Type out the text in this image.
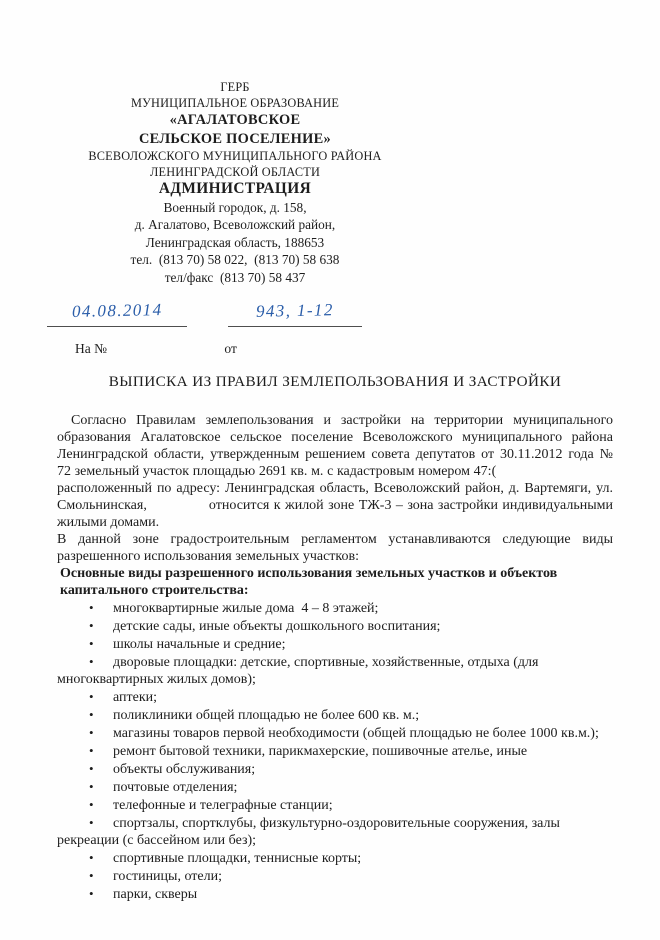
ГЕРБ
МУНИЦИПАЛЬНОЕ ОБРАЗОВАНИЕ
«АГАЛАТОВСКОЕ
СЕЛЬСКОЕ ПОСЕЛЕНИЕ»
ВСЕВОЛОЖСКОГО МУНИЦИПАЛЬНОГО РАЙОНА
ЛЕНИНГРАДСКОЙ ОБЛАСТИ
АДМИНИСТРАЦИЯ
Военный городок, д. 158,
д. Агалатово, Всеволожский район,
Ленинградская область, 188653
тел.  (813 70) 58 022,  (813 70) 58 638
тел/факс  (813 70) 58 437
04.08.2014	943, 1-12
На №	от
ВЫПИСКА ИЗ ПРАВИЛ ЗЕМЛЕПОЛЬЗОВАНИЯ И ЗАСТРОЙКИ
Согласно Правилам землепользования и застройки на территории муниципального
образования Агалатовское сельское поселение Всеволожского муниципального района
Ленинградской области, утвержденным решением совета депутатов от 30.11.2012 года №
72 земельный участок площадью 2691 кв. м. с кадастровым номером 47:(
расположенный по адресу: Ленинградская область, Всеволожский район, д. Вартемяги, ул.
Смольнинская,              относится к жилой зоне ТЖ-3 – зона застройки индивидуальными
жилыми домами.
В данной зоне градостроительным регламентом устанавливаются следующие виды
разрешенного использования земельных участков:
Основные виды разрешенного использования земельных участков и объектов
капитального строительства:
• многоквартирные жилые дома  4 – 8 этажей;
• детские сады, иные объекты дошкольного воспитания;
• школы начальные и средние;
• дворовые площадки: детские, спортивные, хозяйственные, отдыха (для многоквартирных жилых домов);
• аптеки;
• поликлиники общей площадью не более 600 кв. м.;
• магазины товаров первой необходимости (общей площадью не более 1000 кв.м.);
• ремонт бытовой техники, парикмахерские, пошивочные ателье, иные
• объекты обслуживания;
• почтовые отделения;
• телефонные и телеграфные станции;
• спортзалы, спортклубы, физкультурно-оздоровительные сооружения, залы рекреации (с бассейном или без);
• спортивные площадки, теннисные корты;
• гостиницы, отели;
• парки, скверы
